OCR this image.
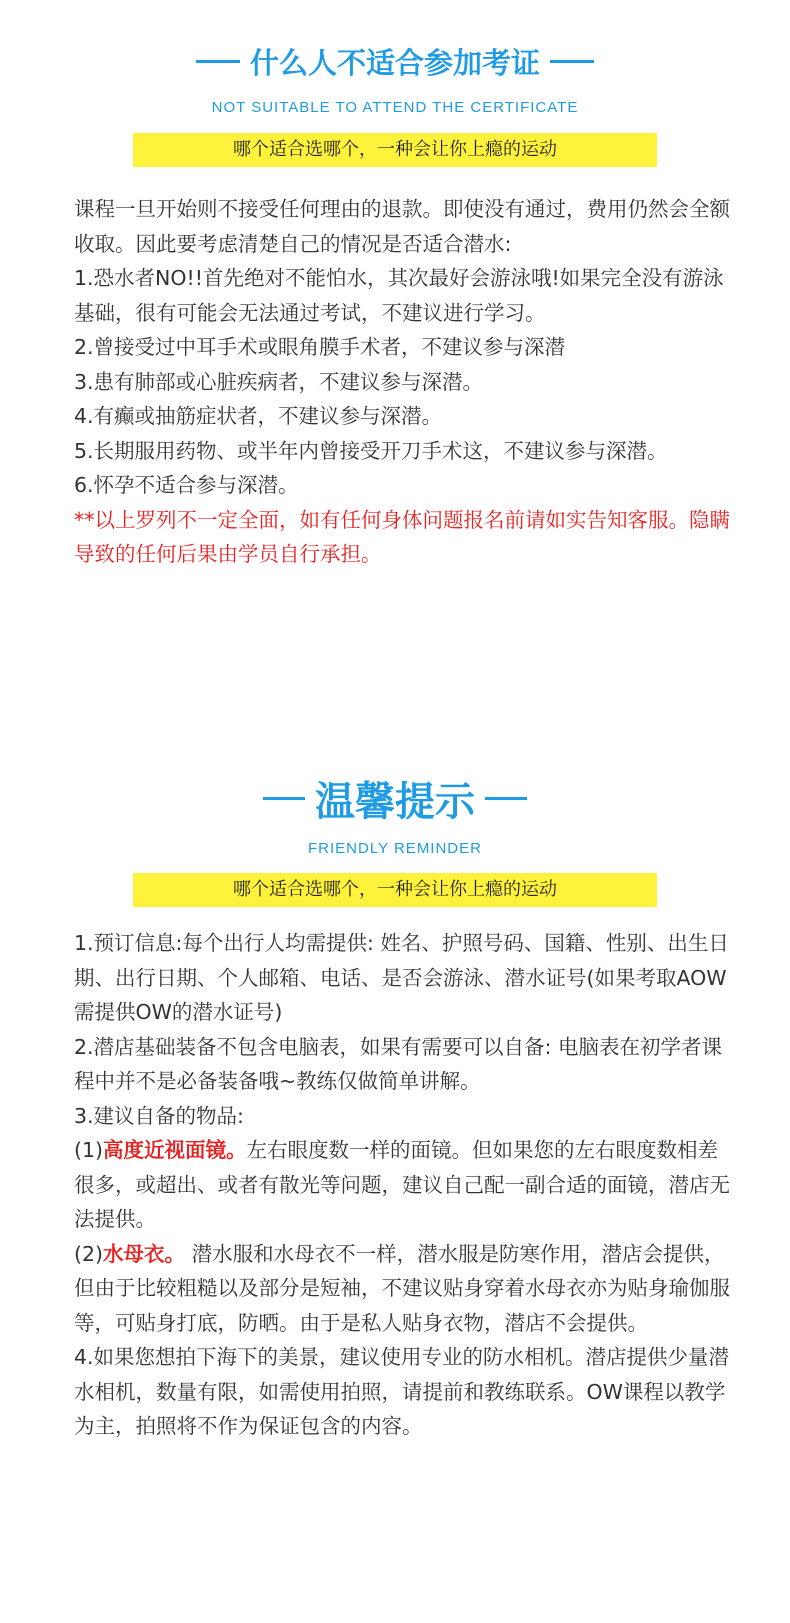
什么人不适合参加考证
NOT SUITABLE TO ATTEND THE CERTIFICATE
哪个适合选哪个，一种会让你上瘾的运动

课程一旦开始则不接受任何理由的退款。即使没有通过，费用仍然会全额收取。因此要考虑清楚自己的情况是否适合潜水:

1.恐水者NO!!首先绝对不能怕水，其次最好会游泳哦!如果完全没有游泳基础，很有可能会无法通过考试，不建议进行学习。

2.曾接受过中耳手术或眼角膜手术者，不建议参与深潜

3.患有肺部或心脏疾病者，不建议参与深潜。

4.有癫或抽筋症状者，不建议参与深潜。

5.长期服用药物、或半年内曾接受开刀手术这，不建议参与深潜。

6.怀孕不适合参与深潜。

**以上罗列不一定全面，如有任何身体问题报名前请如实告知客服。隐瞒导致的任何后果由学员自行承担。

温馨提示
FRIENDLY REMINDER
哪个适合选哪个，一种会让你上瘾的运动

1.预订信息:每个出行人均需提供: 姓名、护照号码、国籍、性别、出生日期、出行日期、个人邮箱、电话、是否会游泳、潜水证号(如果考取AOW需提供OW的潜水证号)

2.潜店基础装备不包含电脑表，如果有需要可以自备: 电脑表在初学者课程中并不是必备装备哦~教练仅做简单讲解。

3.建议自备的物品:

(1)高度近视面镜。左右眼度数一样的面镜。但如果您的左右眼度数相差很多，或超出、或者有散光等问题，建议自己配一副合适的面镜，潜店无法提供。

(2)水母衣。 潜水服和水母衣不一样，潜水服是防寒作用，潜店会提供，但由于比较粗糙以及部分是短袖，不建议贴身穿着水母衣亦为贴身瑜伽服等，可贴身打底，防晒。由于是私人贴身衣物，潜店不会提供。

4.如果您想拍下海下的美景，建议使用专业的防水相机。潜店提供少量潜水相机，数量有限，如需使用拍照，请提前和教练联系。OW课程以教学为主，拍照将不作为保证包含的内容。
